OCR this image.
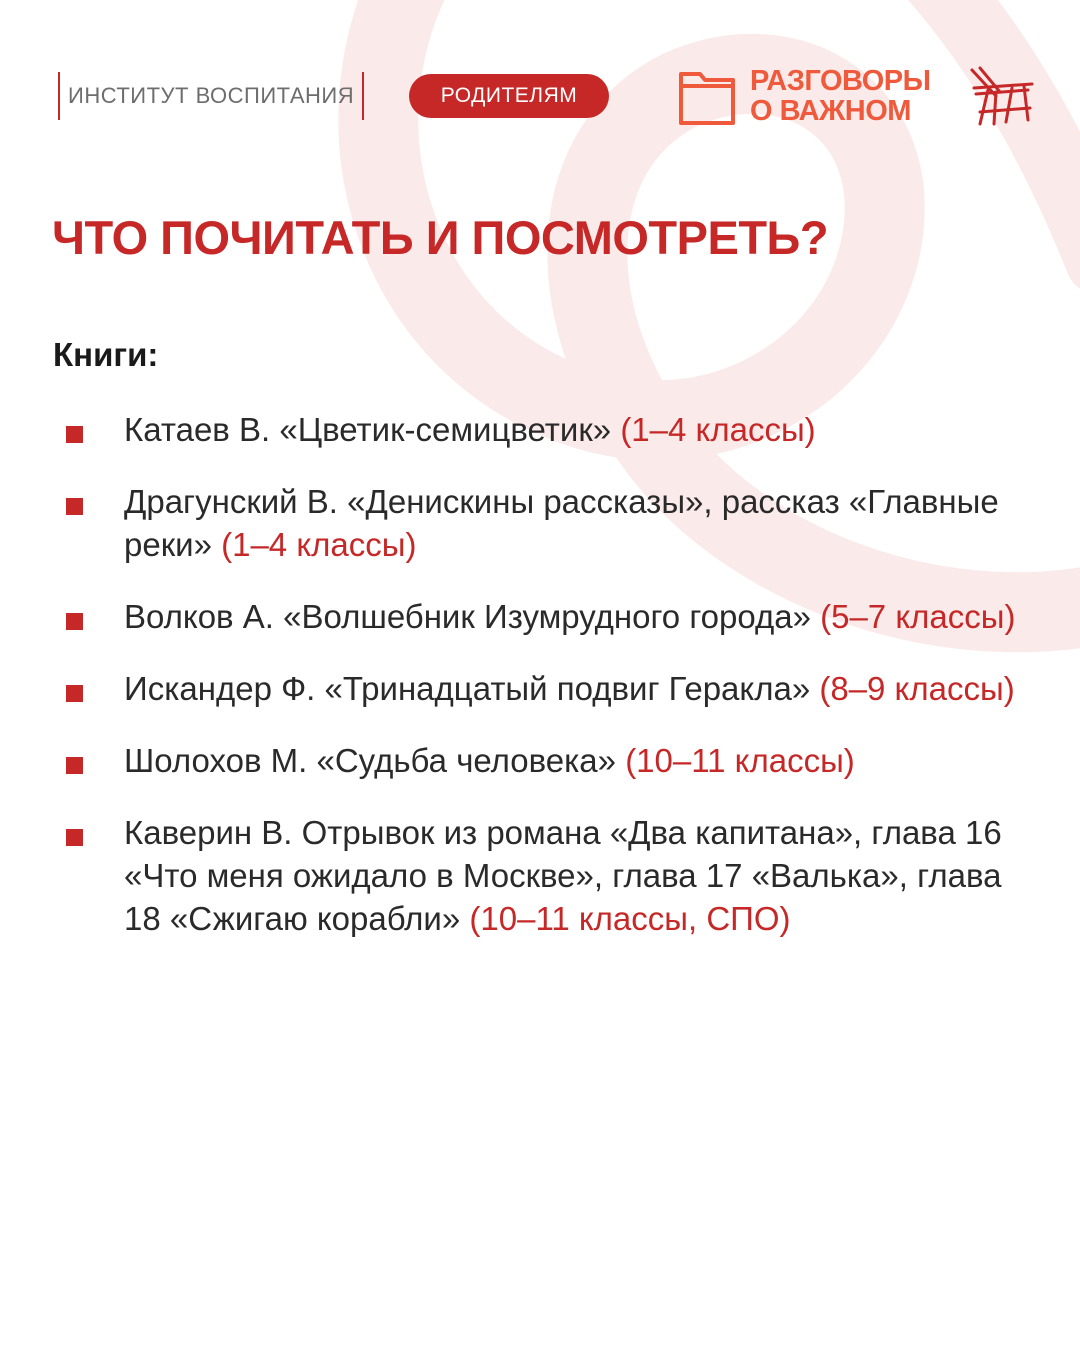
ИНСТИТУТ ВОСПИТАНИЯ	РОДИТЕЛЯМ	РАЗГОВОРЫ
О ВАЖНОМ
ЧТО ПОЧИТАТЬ И ПОСМОТРЕТЬ?
Книги:
Катаев В. «Цветик-семицветик» (1–4 классы)
Драгунский В. «Денискины рассказы», рассказ «Главные реки» (1–4 классы)
Волков А. «Волшебник Изумрудного города» (5–7 классы)
Искандер Ф. «Тринадцатый подвиг Геракла» (8–9 классы)
Шолохов М. «Судьба человека» (10–11 классы)
Каверин В. Отрывок из романа «Два капитана», глава 16 «Что меня ожидало в Москве», глава 17 «Валька», глава 18 «Сжигаю корабли» (10–11 классы, СПО)
